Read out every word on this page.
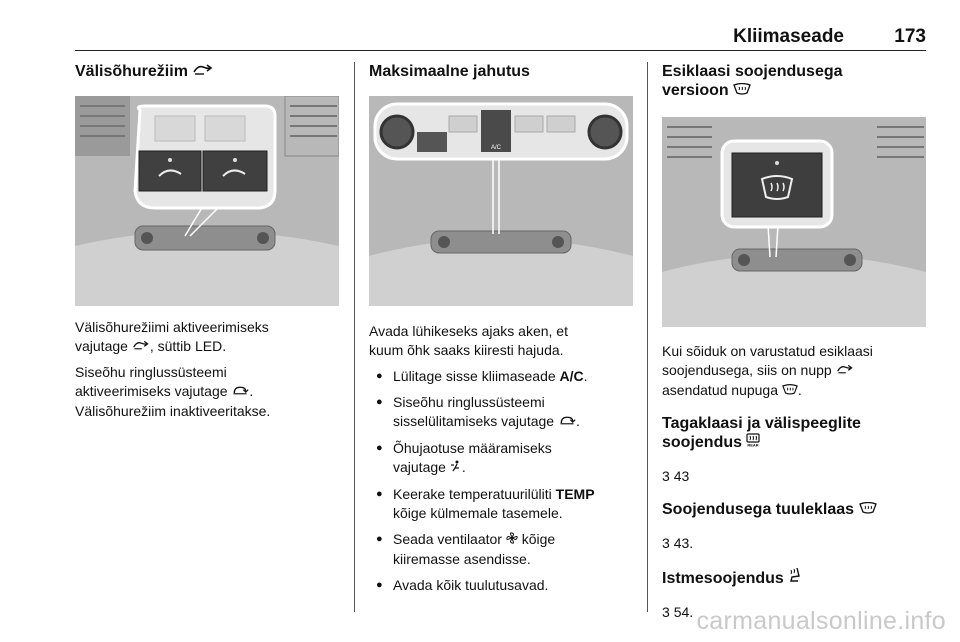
Kliimaseade	173
Välisõhurežiim

Välisõhurežiimi aktiveerimiseks
vajutage , süttib LED.

Siseõhu ringlussüsteemi
aktiveerimiseks vajutage .
Välisõhurežiim inaktiveeritakse.

Maksimaalne jahutus
A/C

Avada lühikeseks ajaks aken, et
kuum õhk saaks kiiresti hajuda.

● Lülitage sisse kliimaseade A/C.
● Siseõhu ringlussüsteemi
sisselülitamiseks vajutage .
● Õhujaotuse määramiseks
vajutage .
● Keerake temperatuurilüliti TEMP
kõige külmemale tasemele.
● Seada ventilaator kõige
kiiremasse asendisse.
● Avada kõik tuulutusavad.
Esiklaasi soojendusega
versioon

Kui sõiduk on varustatud esiklaasi
soojendusega, siis on nupp
asendatud nupuga .

Tagaklaasi ja välispeeglite
soojendus REAR

3 43

Soojendusega tuuleklaas

3 43.

Istmesoojendus

3 54. carmanualsonline.info
